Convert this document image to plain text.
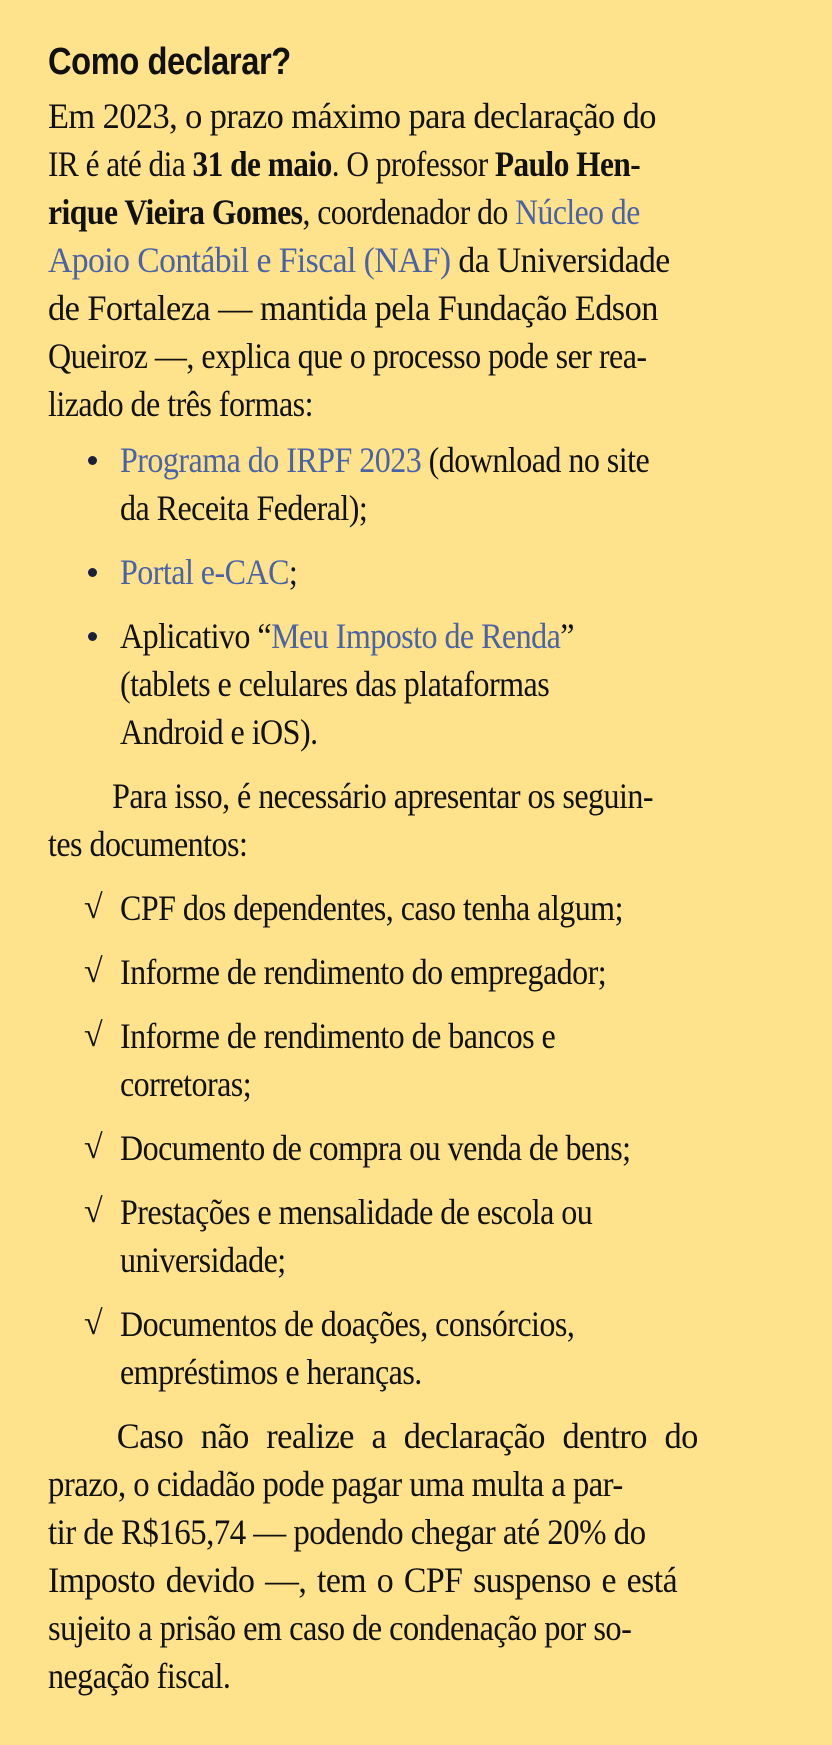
Como declarar?
Em 2023, o prazo máximo para declaração do
IR é até dia 31 de maio. O professor Paulo Hen-
rique Vieira Gomes, coordenador do Núcleo de
Apoio Contábil e Fiscal (NAF) da Universidade
de Fortaleza — mantida pela Fundação Edson
Queiroz —, explica que o processo pode ser rea-
lizado de três formas:
Programa do IRPF 2023 (download no site
da Receita Federal);
Portal e-CAC;
Aplicativo “Meu Imposto de Renda”
(tablets e celulares das plataformas
Android e iOS).
Para isso, é necessário apresentar os seguin-
tes documentos:
√ CPF dos dependentes, caso tenha algum;
√ Informe de rendimento do empregador;
√ Informe de rendimento de bancos e
corretoras;
√ Documento de compra ou venda de bens;
√ Prestações e mensalidade de escola ou
universidade;
√ Documentos de doações, consórcios,
empréstimos e heranças.
Caso não realize a declaração dentro do
prazo, o cidadão pode pagar uma multa a par-
tir de R$165,74 — podendo chegar até 20% do
Imposto devido —, tem o CPF suspenso e está
sujeito a prisão em caso de condenação por so-
negação fiscal.
